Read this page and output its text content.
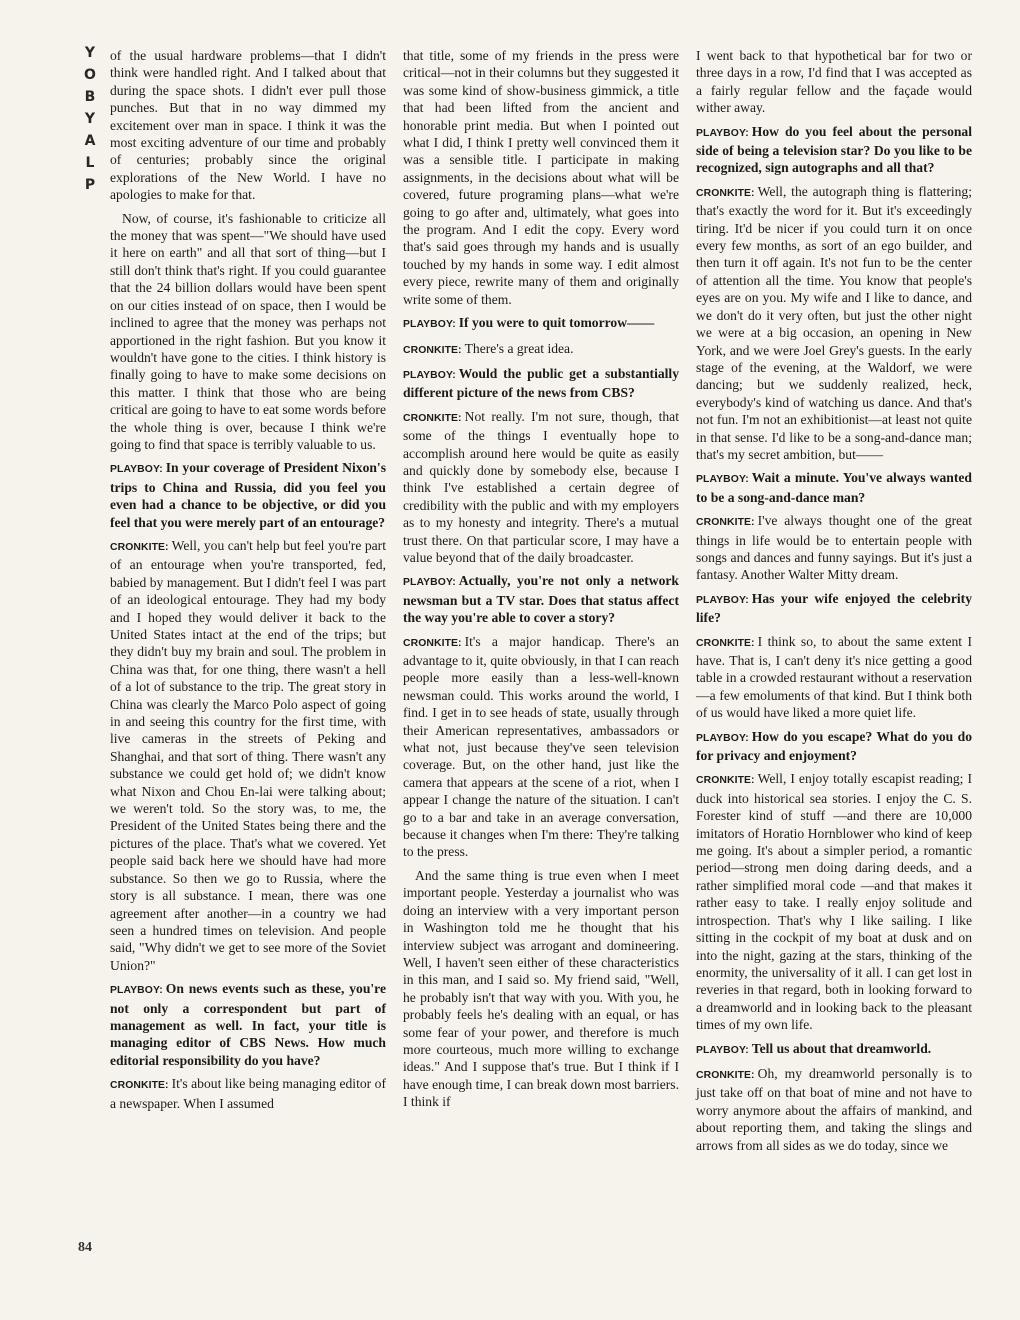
Y
O
B
Y
A
L
P
84

of the usual hardware problems—that I didn't think were handled right. And I talked about that during the space shots. I didn't ever pull those punches. But that in no way dimmed my excitement over man in space. I think it was the most exciting adventure of our time and probably of centuries; probably since the original explorations of the New World. I have no apologies to make for that.

Now, of course, it's fashionable to criticize all the money that was spent—"We should have used it here on earth" and all that sort of thing—but I still don't think that's right. If you could guarantee that the 24 billion dollars would have been spent on our cities instead of on space, then I would be inclined to agree that the money was perhaps not apportioned in the right fashion. But you know it wouldn't have gone to the cities. I think history is finally going to have to make some decisions on this matter. I think that those who are being critical are going to have to eat some words before the whole thing is over, because I think we're going to find that space is terribly valuable to us.

PLAYBOY: In your coverage of President Nixon's trips to China and Russia, did you feel you even had a chance to be objective, or did you feel that you were merely part of an entourage?

CRONKITE: Well, you can't help but feel you're part of an entourage when you're transported, fed, babied by management. But I didn't feel I was part of an ideological entourage. They had my body and I hoped they would deliver it back to the United States intact at the end of the trips; but they didn't buy my brain and soul. The problem in China was that, for one thing, there wasn't a hell of a lot of substance to the trip. The great story in China was clearly the Marco Polo aspect of going in and seeing this country for the first time, with live cameras in the streets of Peking and Shanghai, and that sort of thing. There wasn't any substance we could get hold of; we didn't know what Nixon and Chou En-lai were talking about; we weren't told. So the story was, to me, the President of the United States being there and the pictures of the place. That's what we covered. Yet people said back here we should have had more substance. So then we go to Russia, where the story is all substance. I mean, there was one agreement after another—in a country we had seen a hundred times on television. And people said, "Why didn't we get to see more of the Soviet Union?"

PLAYBOY: On news events such as these, you're not only a correspondent but part of management as well. In fact, your title is managing editor of CBS News. How much editorial responsibility do you have?

CRONKITE: It's about like being managing editor of a newspaper. When I assumed

that title, some of my friends in the press were critical—not in their columns but they suggested it was some kind of show-business gimmick, a title that had been lifted from the ancient and honorable print media. But when I pointed out what I did, I think I pretty well convinced them it was a sensible title. I participate in making assignments, in the decisions about what will be covered, future programing plans—what we're going to go after and, ultimately, what goes into the program. And I edit the copy. Every word that's said goes through my hands and is usually touched by my hands in some way. I edit almost every piece, rewrite many of them and originally write some of them.

PLAYBOY: If you were to quit tomorrow——

CRONKITE: There's a great idea.

PLAYBOY: Would the public get a substantially different picture of the news from CBS?

CRONKITE: Not really. I'm not sure, though, that some of the things I eventually hope to accomplish around here would be quite as easily and quickly done by somebody else, because I think I've established a certain degree of credibility with the public and with my employers as to my honesty and integrity. There's a mutual trust there. On that particular score, I may have a value beyond that of the daily broadcaster.

PLAYBOY: Actually, you're not only a network newsman but a TV star. Does that status affect the way you're able to cover a story?

CRONKITE: It's a major handicap. There's an advantage to it, quite obviously, in that I can reach people more easily than a less-well-known newsman could. This works around the world, I find. I get in to see heads of state, usually through their American representatives, ambassadors or what not, just because they've seen television coverage. But, on the other hand, just like the camera that appears at the scene of a riot, when I appear I change the nature of the situation. I can't go to a bar and take in an average conversation, because it changes when I'm there: They're talking to the press.

And the same thing is true even when I meet important people. Yesterday a journalist who was doing an interview with a very important person in Washington told me he thought that his interview subject was arrogant and domineering. Well, I haven't seen either of these characteristics in this man, and I said so. My friend said, "Well, he probably isn't that way with you. With you, he probably feels he's dealing with an equal, or has some fear of your power, and therefore is much more courteous, much more willing to exchange ideas." And I suppose that's true. But I think if I have enough time, I can break down most barriers. I think if

I went back to that hypothetical bar for two or three days in a row, I'd find that I was accepted as a fairly regular fellow and the façade would wither away.

PLAYBOY: How do you feel about the personal side of being a television star? Do you like to be recognized, sign autographs and all that?

CRONKITE: Well, the autograph thing is flattering; that's exactly the word for it. But it's exceedingly tiring. It'd be nicer if you could turn it on once every few months, as sort of an ego builder, and then turn it off again. It's not fun to be the center of attention all the time. You know that people's eyes are on you. My wife and I like to dance, and we don't do it very often, but just the other night we were at a big occasion, an opening in New York, and we were Joel Grey's guests. In the early stage of the evening, at the Waldorf, we were dancing; but we suddenly realized, heck, everybody's kind of watching us dance. And that's not fun. I'm not an exhibitionist—at least not quite in that sense. I'd like to be a song-and-dance man; that's my secret ambition, but——

PLAYBOY: Wait a minute. You've always wanted to be a song-and-dance man?

CRONKITE: I've always thought one of the great things in life would be to entertain people with songs and dances and funny sayings. But it's just a fantasy. Another Walter Mitty dream.

PLAYBOY: Has your wife enjoyed the celebrity life?

CRONKITE: I think so, to about the same extent I have. That is, I can't deny it's nice getting a good table in a crowded restaurant without a reservation—a few emoluments of that kind. But I think both of us would have liked a more quiet life.

PLAYBOY: How do you escape? What do you do for privacy and enjoyment?

CRONKITE: Well, I enjoy totally escapist reading; I duck into historical sea stories. I enjoy the C. S. Forester kind of stuff —and there are 10,000 imitators of Horatio Hornblower who kind of keep me going. It's about a simpler period, a romantic period—strong men doing daring deeds, and a rather simplified moral code —and that makes it rather easy to take. I really enjoy solitude and introspection. That's why I like sailing. I like sitting in the cockpit of my boat at dusk and on into the night, gazing at the stars, thinking of the enormity, the universality of it all. I can get lost in reveries in that regard, both in looking forward to a dreamworld and in looking back to the pleasant times of my own life.

PLAYBOY: Tell us about that dreamworld.

CRONKITE: Oh, my dreamworld personally is to just take off on that boat of mine and not have to worry anymore about the affairs of mankind, and about reporting them, and taking the slings and arrows from all sides as we do today, since we
